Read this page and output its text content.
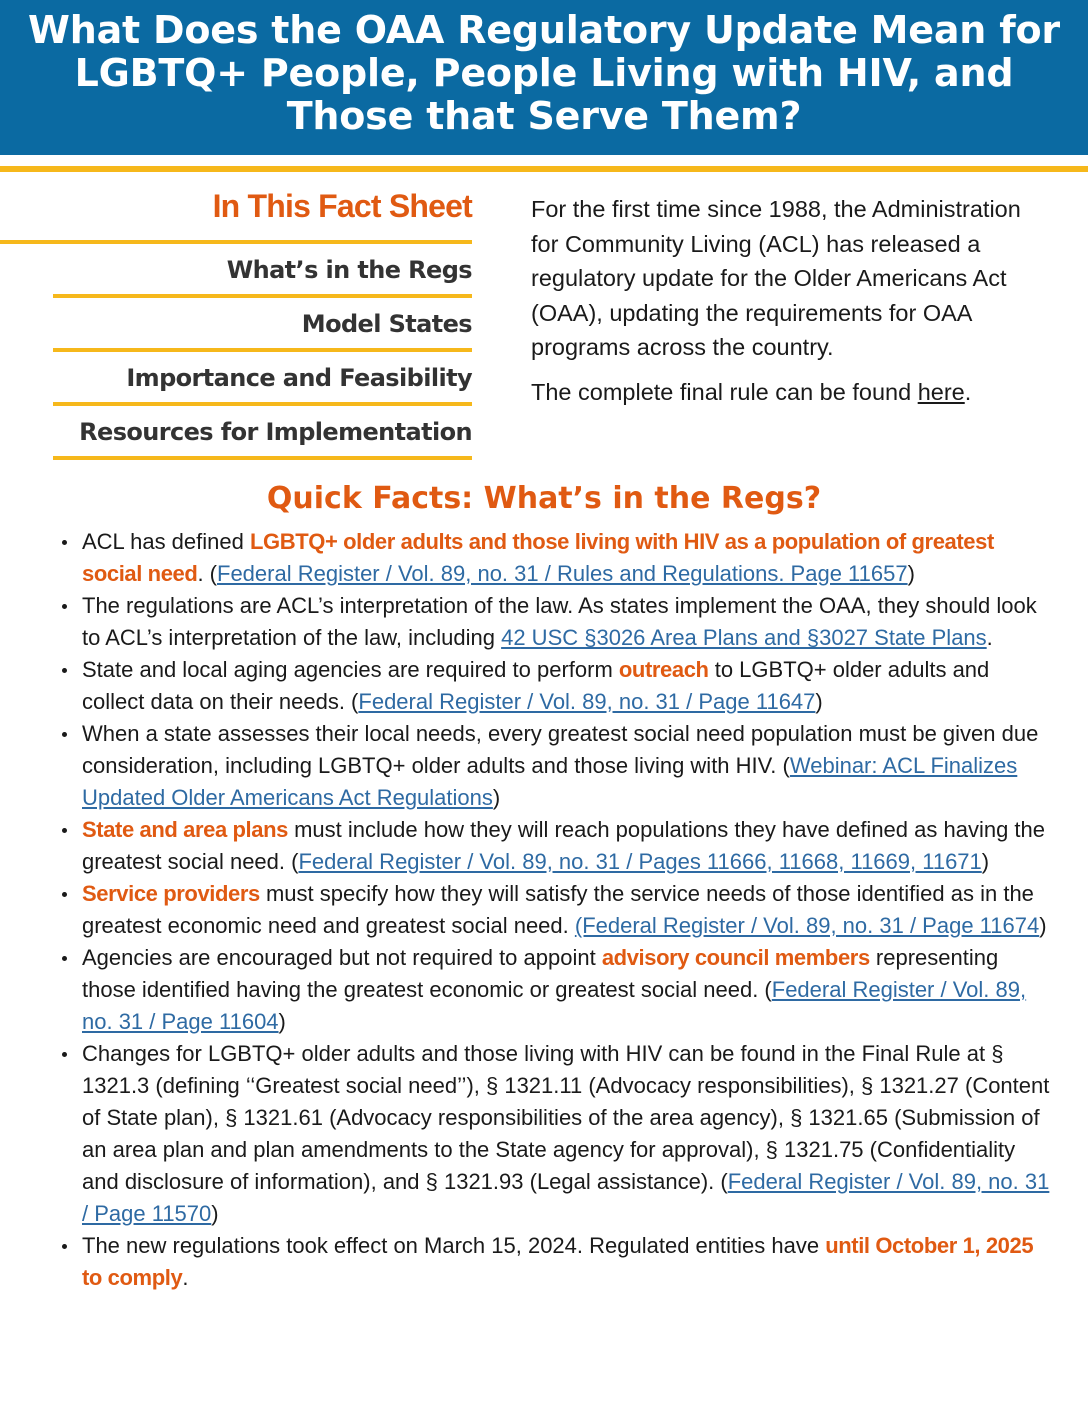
What Does the OAA Regulatory Update Mean for
LGBTQ+ People, People Living with HIV, and
Those that Serve Them?
In This Fact Sheet
What’s in the Regs
Model States
Importance and Feasibility
Resources for Implementation

For the first time since 1988, the Administration for Community Living (ACL) has released a regulatory update for the Older Americans Act (OAA), updating the requirements for OAA programs across the country.

The complete final rule can be found here.

Quick Facts: What’s in the Regs?
ACL has defined LGBTQ+ older adults and those living with HIV as a population of greatest social need. (Federal Register / Vol. 89, no. 31 / Rules and Regulations. Page 11657)
The regulations are ACL’s interpretation of the law. As states implement the OAA, they should look to ACL’s interpretation of the law, including 42 USC §3026 Area Plans and §3027 State Plans.
State and local aging agencies are required to perform outreach to LGBTQ+ older adults and collect data on their needs. (Federal Register / Vol. 89, no. 31 / Page 11647)
When a state assesses their local needs, every greatest social need population must be given due consideration, including LGBTQ+ older adults and those living with HIV. (Webinar: ACL Finalizes Updated Older Americans Act Regulations)
State and area plans must include how they will reach populations they have defined as having the greatest social need. (Federal Register / Vol. 89, no. 31 / Pages 11666, 11668, 11669, 11671)
Service providers must specify how they will satisfy the service needs of those identified as in the greatest economic need and greatest social need. (Federal Register / Vol. 89, no. 31 / Page 11674)
Agencies are encouraged but not required to appoint advisory council members representing those identified having the greatest economic or greatest social need. (Federal Register / Vol. 89, no. 31 / Page 11604)
Changes for LGBTQ+ older adults and those living with HIV can be found in the Final Rule at § 1321.3 (defining ‘‘Greatest social need’’), § 1321.11 (Advocacy responsibilities), § 1321.27 (Content of State plan), § 1321.61 (Advocacy responsibilities of the area agency), § 1321.65 (Submission of an area plan and plan amendments to the State agency for approval), § 1321.75 (Confidentiality and disclosure of information), and § 1321.93 (Legal assistance). (Federal Register / Vol. 89, no. 31 / Page 11570)
The new regulations took effect on March 15, 2024. Regulated entities have until October 1, 2025 to comply.
